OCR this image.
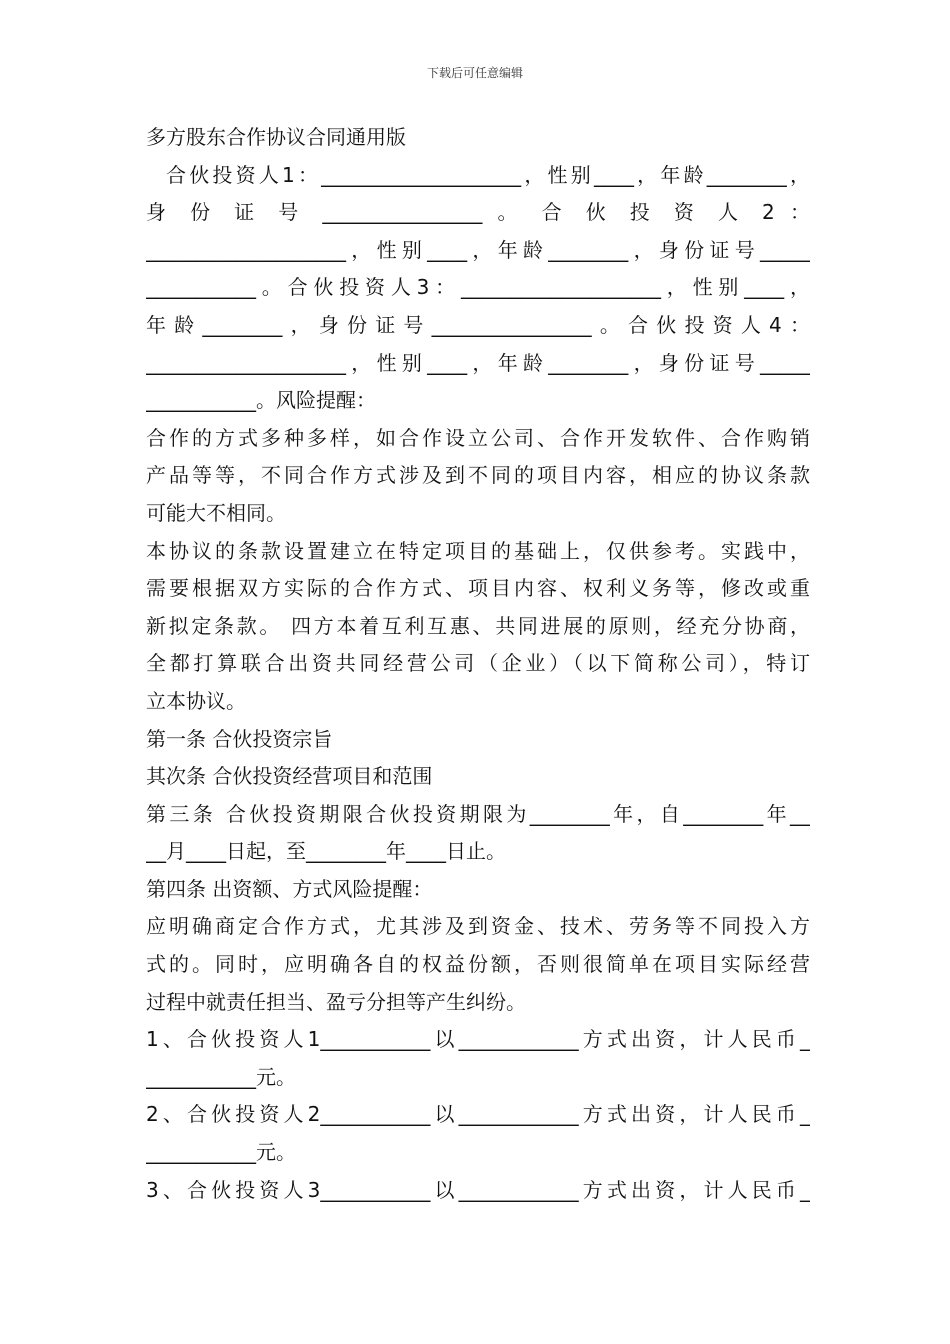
下载后可任意编辑
多方股东合作协议合同通用版
合伙投资人1：____________________，性别____，年龄________，
身 份 证 号 ________________ 。 合 伙 投 资 人 2 ：
____________________，性别____，年龄________，身份证号_____
___________。合伙投资人3：____________________，性别____，
年龄________，身份证号________________。合伙投资人4：
____________________，性别____，年龄________，身份证号_____
___________。风险提醒：
合作的方式多种多样，如合作设立公司、合作开发软件、合作购销
产品等等，不同合作方式涉及到不同的项目内容，相应的协议条款
可能大不相同。
本协议的条款设置建立在特定项目的基础上，仅供参考。实践中，
需要根据双方实际的合作方式、项目内容、权利义务等，修改或重
新拟定条款。 四方本着互利互惠、共同进展的原则，经充分协商，
全都打算联合出资共同经营公司（企业）（以下简称公司），特订
立本协议。
第一条 合伙投资宗旨
其次条 合伙投资经营项目和范围
第三条 合伙投资期限合伙投资期限为________年，自________年__
__月____日起，至________年____日止。
第四条 出资额、方式风险提醒：
应明确商定合作方式，尤其涉及到资金、技术、劳务等不同投入方
式的。同时，应明确各自的权益份额，否则很简单在项目实际经营
过程中就责任担当、盈亏分担等产生纠纷。
1、合伙投资人1___________以____________方式出资，计人民币_
___________元。
2、合伙投资人2___________以____________方式出资，计人民币_
___________元。
3、合伙投资人3___________以____________方式出资，计人民币_
